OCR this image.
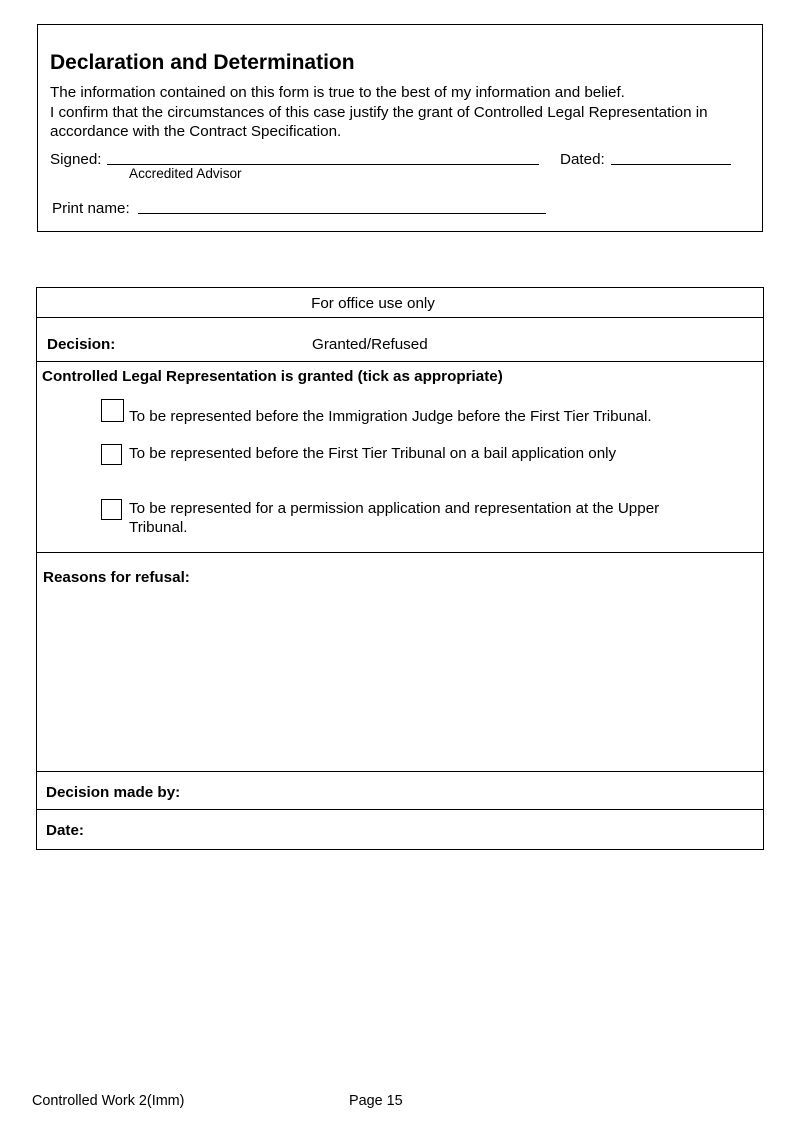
Declaration and Determination
The information contained on this form is true to the best of my information and belief.
I confirm that the circumstances of this case justify the grant of Controlled Legal Representation in
accordance with the Contract Specification.
Signed:
Accredited Advisor
Dated:
Print name:
For office use only
Decision:	Granted/Refused
Controlled Legal Representation is granted (tick as appropriate)
To be represented before the Immigration Judge before the First Tier Tribunal.
To be represented before the First Tier Tribunal on a bail application only
To be represented for a permission application and representation at the Upper Tribunal.
Reasons for refusal:
Decision made by:
Date:
Controlled Work 2(Imm)	Page 15
